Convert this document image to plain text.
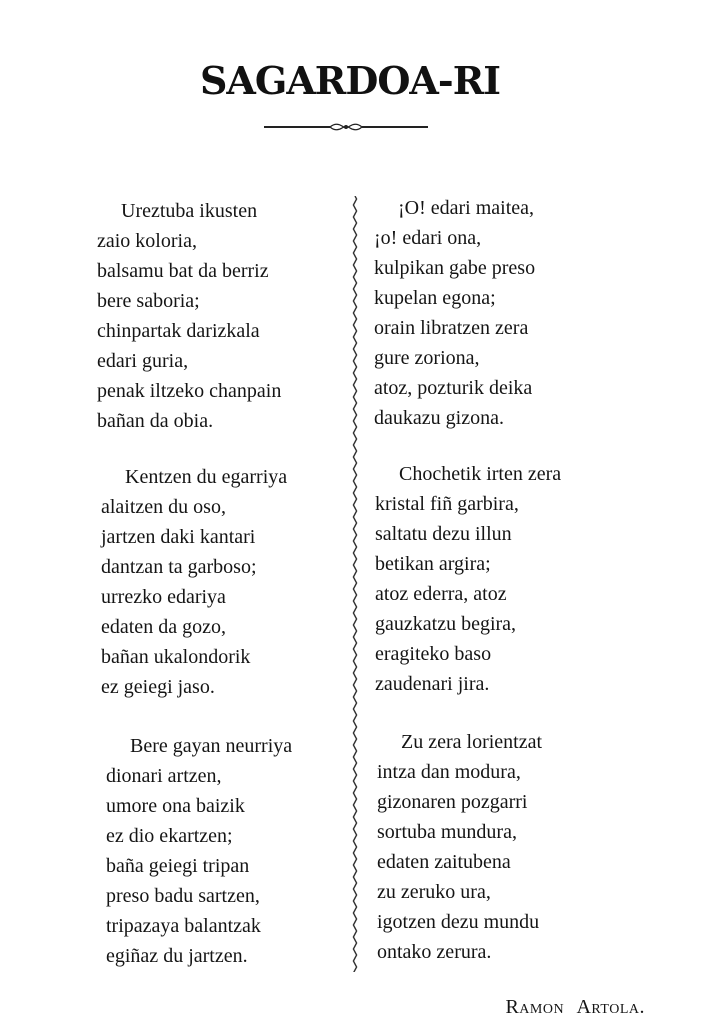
SAGARDOA-RI
Ureztuba ikusten
zaio koloria,
balsamu bat da berriz
bere saboria;
chinpartak darizkala
edari guria,
penak iltzeko chanpain
bañan da obia.
Kentzen du egarriya
alaitzen du oso,
jartzen daki kantari
dantzan ta garboso;
urrezko edariya
edaten da gozo,
bañan ukalondorik
ez geiegi jaso.
Bere gayan neurriya
dionari artzen,
umore ona baizik
ez dio ekartzen;
baña geiegi tripan
preso badu sartzen,
tripazaya balantzak
egiñaz du jartzen.
¡O! edari maitea,
¡o! edari ona,
kulpikan gabe preso
kupelan egona;
orain libratzen zera
gure zoriona,
atoz, pozturik deika
daukazu gizona.
Chochetik irten zera
kristal fiñ garbira,
saltatu dezu illun
betikan argira;
atoz ederra, atoz
gauzkatzu begira,
eragiteko baso
zaudenari jira.
Zu zera lorientzat
intza dan modura,
gizonaren pozgarri
sortuba mundura,
edaten zaitubena
zu zeruko ura,
igotzen dezu mundu
ontako zerura.
Ramon Artola.
